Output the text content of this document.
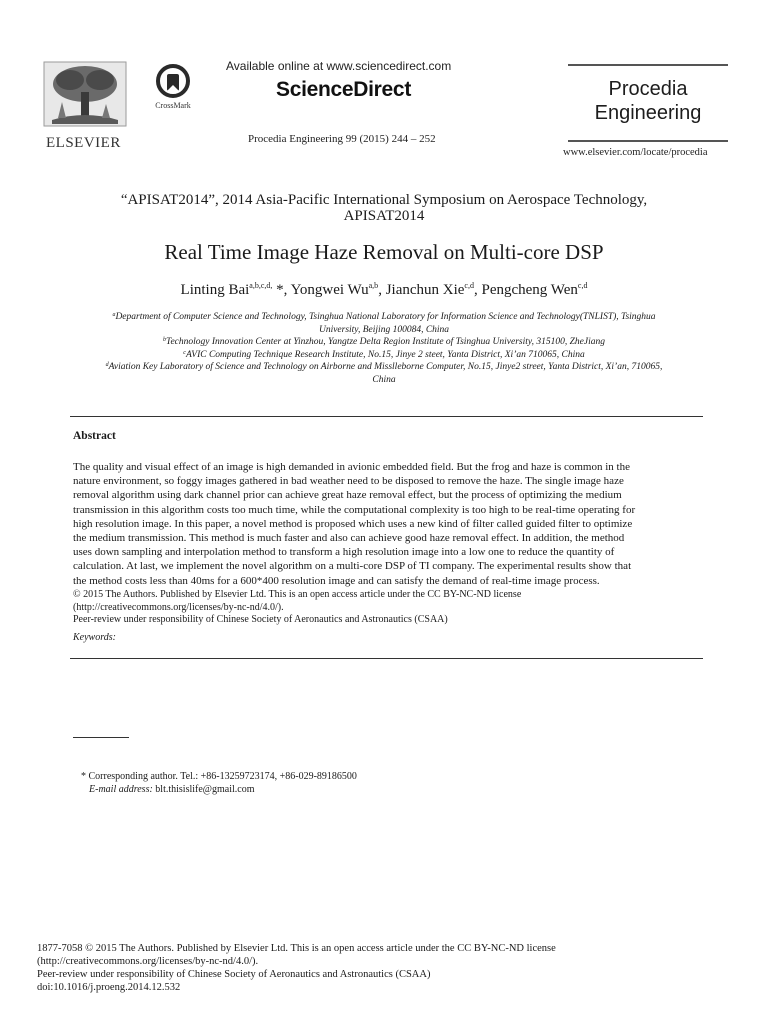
ELSEVIER
CrossMark
Available online at www.sciencedirect.com
ScienceDirect
Procedia Engineering 99 (2015) 244 – 252
Procedia
Engineering
www.elsevier.com/locate/procedia
“APISAT2014”, 2014 Asia-Pacific International Symposium on Aerospace Technology,
APISAT2014
Real Time Image Haze Removal on Multi-core DSP
Linting Bai$^{a,b,c,d,}$ *, Yongwei Wu$^{a,b}$, Jianchun Xie$^{c,d}$, Pengcheng Wen$^{c,d}$
$^a$Department of Computer Science and Technology, Tsinghua National Laboratory for Information Science and Technology(TNLIST), Tsinghua
University, Beijing 100084, China
$^b$Technology Innovation Center at Yinzhou, Yangtze Delta Region Institute of Tsinghua University, 315100, ZheJiang
$^c$AVIC Computing Technique Research Institute, No.15, Jinye 2 steet, Yanta District, Xi’an 710065, China
$^d$Aviation Key Laboratory of Science and Technology on Airborne and Misslleborne Computer, No.15, Jinye2 street, Yanta District, Xi’an, 710065,
China
Abstract
The quality and visual effect of an image is high demanded in avionic embedded field. But the frog and haze is common in the
nature environment, so foggy images gathered in bad weather need to be disposed to remove the haze. The single image haze
removal algorithm using dark channel prior can achieve great haze removal effect, but the process of optimizing the medium
transmission in this algorithm costs too much time, while the computational complexity is too high to be real-time operating for
high resolution image. In this paper, a novel method is proposed which uses a new kind of filter called guided filter to optimize
the medium transmission. This method is much faster and also can achieve good haze removal effect. In addition, the method
uses down sampling and interpolation method to transform a high resolution image into a low one to reduce the quantity of
calculation. At last, we implement the novel algorithm on a multi-core DSP of TI company. The experimental results show that
the method costs less than 40ms for a 600*400 resolution image and can satisfy the demand of real-time image process.
© 2015 The Authors. Published by Elsevier Ltd. This is an open access article under the CC BY-NC-ND license
(http://creativecommons.org/licenses/by-nc-nd/4.0/).
Peer-review under responsibility of Chinese Society of Aeronautics and Astronautics (CSAA)
Keywords:
* Corresponding author. Tel.: +86-13259723174, +86-029-89186500
E-mail address: blt.thisislife@gmail.com
1877-7058 © 2015 The Authors. Published by Elsevier Ltd. This is an open access article under the CC BY-NC-ND license
(http://creativecommons.org/licenses/by-nc-nd/4.0/).
Peer-review under responsibility of Chinese Society of Aeronautics and Astronautics (CSAA)
doi:10.1016/j.proeng.2014.12.532
